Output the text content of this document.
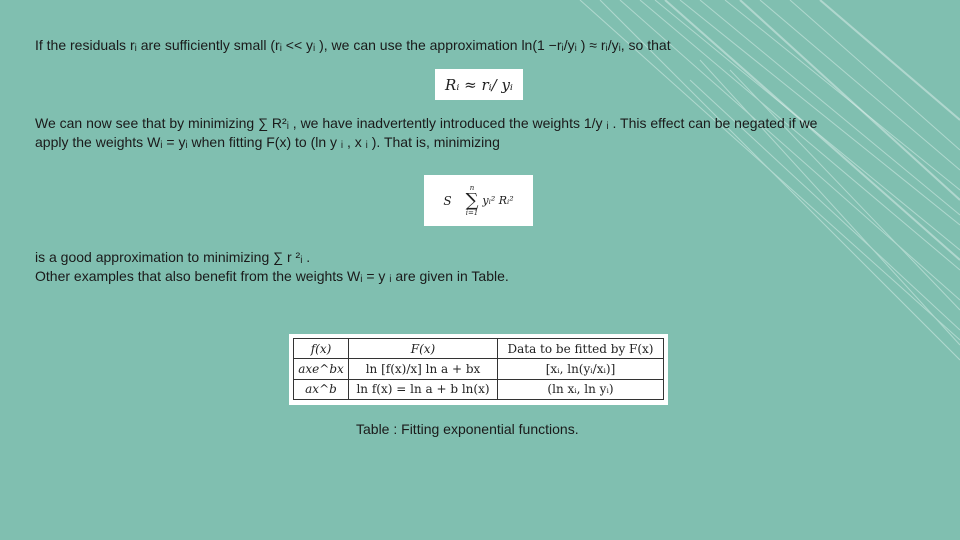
If the residuals rᵢ are sufficiently small (rᵢ << yᵢ ), we can use the approximation ln(1 −rᵢ/yᵢ ) ≈ rᵢ/yᵢ, so that
Rᵢ ≈ rᵢ/ yᵢ
We can now see that by minimizing ∑ R²ᵢ , we have inadvertently introduced the weights 1/y ᵢ . This effect can be negated if we
apply the weights Wᵢ = yᵢ when fitting F(x) to (ln y ᵢ , x ᵢ ). That is, minimizing
S
n
∑
i=1
yᵢ² Rᵢ²
is a good approximation to minimizing ∑ r ²ᵢ .
Other examples that also benefit from the weights Wᵢ = y ᵢ are given in Table.
f(x)	F(x)	Data to be fitted by F(x)
axe^bx	ln [f(x)/x] ln a + bx	[xᵢ, ln(yᵢ/xᵢ)]
ax^b	ln f(x) = ln a + b ln(x)	(ln xᵢ, ln yᵢ)
Table : Fitting exponential functions.
